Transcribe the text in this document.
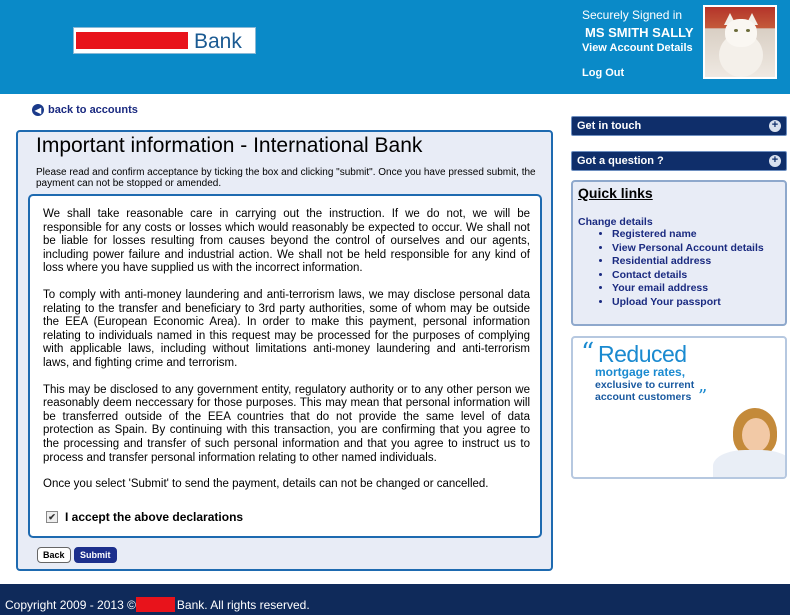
Bank
Securely Signed in
MS SMITH SALLY
View Account Details
Log Out
◀ back to accounts
Important information - International Bank
Please read and confirm acceptance by ticking the box and clicking "submit". Once you have pressed submit, the payment can not be stopped or amended.

We shall take reasonable care in carrying out the instruction. If we do not, we will be responsible for any costs or losses which would reasonably be expected to occur. We shall not be liable for losses resulting from causes beyond the control of ourselves and our agents, including power failure and industrial action. We shall not be held responsible for any kind of loss where you have supplied us with the incorrect information.

To comply with anti-money laundering and anti-terrorism laws, we may disclose personal data relating to the transfer and beneficiary to 3rd party authorities, some of whom may be outside the EEA (European Economic Area). In order to make this payment, personal information relating to individuals named in this request may be processed for the purposes of complying with applicable laws, including without limitations anti-money laundering and anti-terrorism laws, and fighting crime and terrorism.

This may be disclosed to any government entity, regulatory authority or to any other person we reasonably deem neccessary for those purposes. This may mean that personal information will be transferred outside of the EEA countries that do not provide the same level of data protection as Spain. By continuing with this transaction, you are confirming that you agree to the processing and transfer of such personal information and that you agree to instruct us to process and transfer personal information relating to other named individuals.

Once you select 'Submit' to send the payment, details can not be changed or cancelled.

✔ I accept the above declarations
Back	Submit
Get in touch	+
Got a question ?	+
Quick links
Change details
• Registered name
• View Personal Account details
• Residential address
• Contact details
• Your email address
• Upload Your passport
“ Reduced
mortgage rates,
exclusive to current
account customers ”
Copyright 2009 - 2013 ©	Bank. All rights reserved.
